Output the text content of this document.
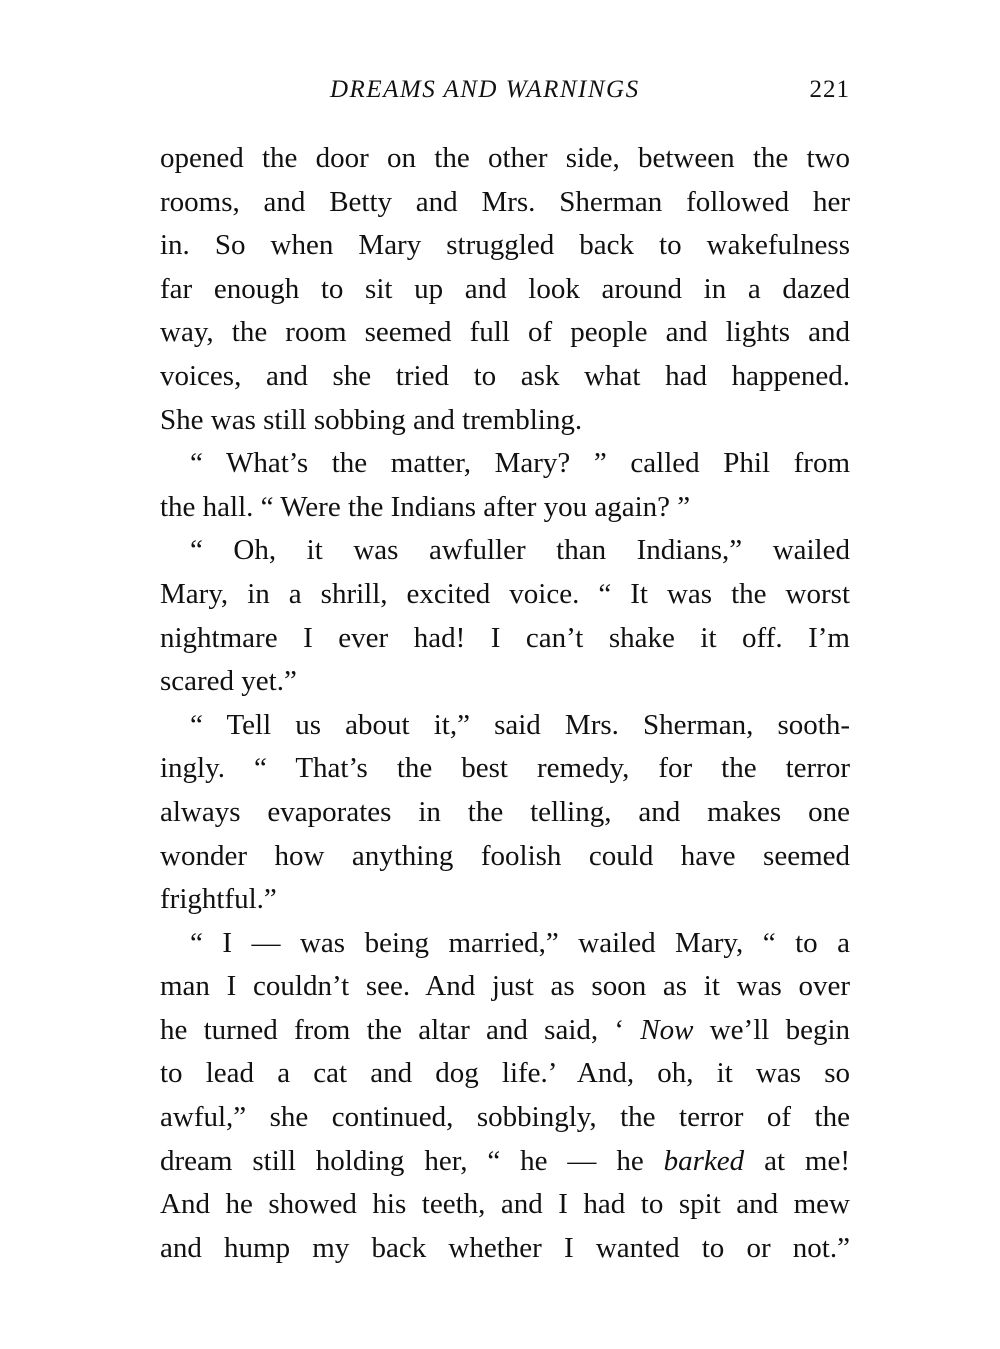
DREAMS AND WARNINGS	221
opened the door on the other side, between the two
rooms, and Betty and Mrs. Sherman followed her
in. So when Mary struggled back to wakefulness
far enough to sit up and look around in a dazed
way, the room seemed full of people and lights and
voices, and she tried to ask what had happened.
She was still sobbing and trembling.
“ What’s the matter, Mary? ” called Phil from
the hall. “ Were the Indians after you again? ”
“ Oh, it was awfuller than Indians,” wailed
Mary, in a shrill, excited voice. “ It was the worst
nightmare I ever had! I can’t shake it off. I’m
scared yet.”
“ Tell us about it,” said Mrs. Sherman, sooth-
ingly. “ That’s the best remedy, for the terror
always evaporates in the telling, and makes one
wonder how anything foolish could have seemed
frightful.”
“ I — was being married,” wailed Mary, “ to a
man I couldn’t see. And just as soon as it was over
he turned from the altar and said, ‘ Now we’ll begin
to lead a cat and dog life.’ And, oh, it was so
awful,” she continued, sobbingly, the terror of the
dream still holding her, “ he — he barked at me!
And he showed his teeth, and I had to spit and mew
and hump my back whether I wanted to or not.”
